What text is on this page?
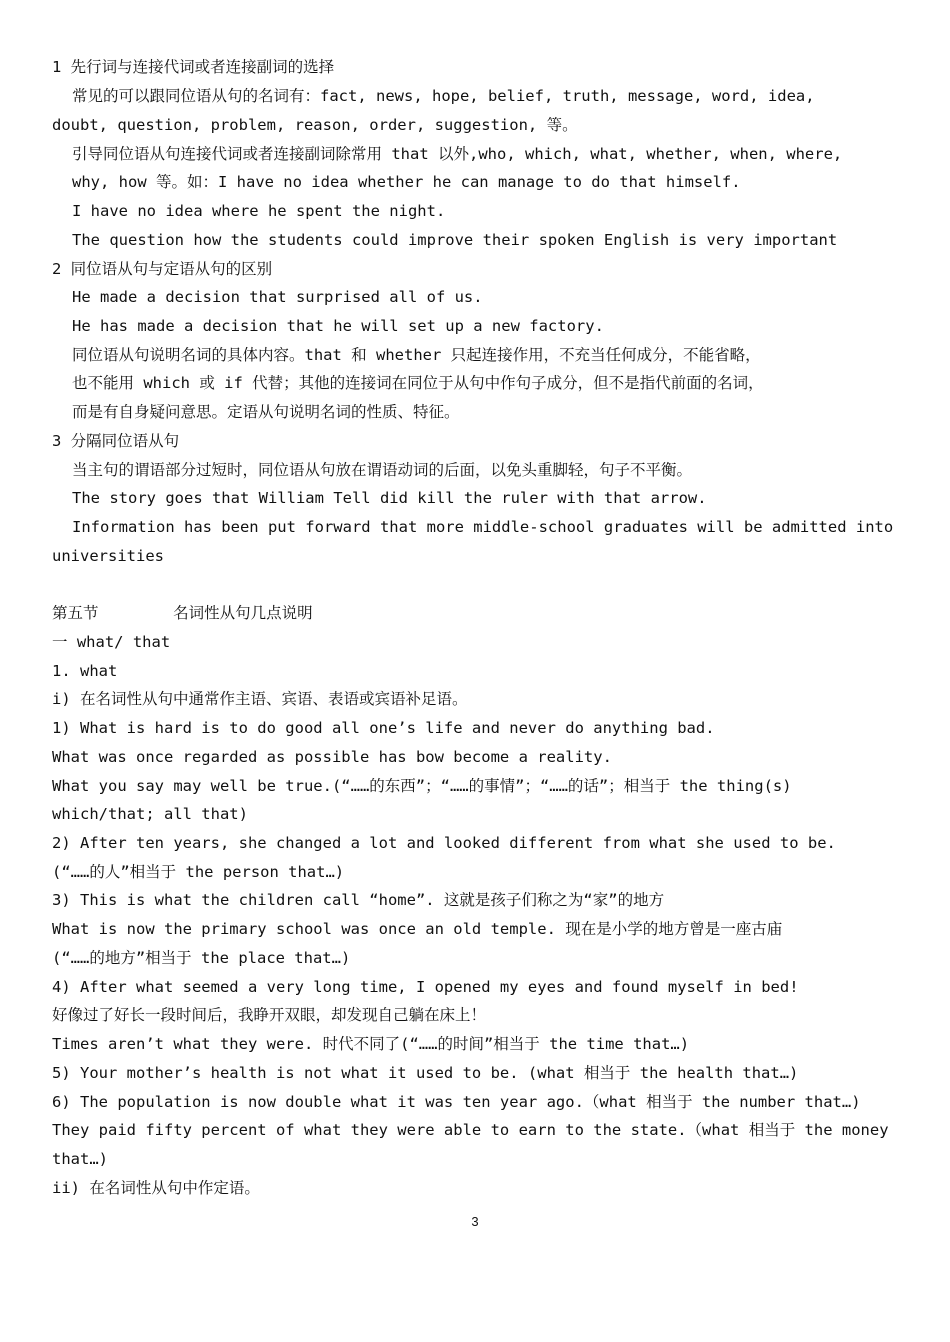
1 先行词与连接代词或者连接副词的选择
常见的可以跟同位语从句的名词有：fact, news, hope, belief, truth, message, word, idea,
doubt, question, problem, reason, order, suggestion, 等。
引导同位语从句连接代词或者连接副词除常用 that 以外,who, which, what, whether, when, where,
why, how 等。如：I have no idea whether he can manage to do that himself.
I have no idea where he spent the night.
The question how the students could improve their spoken English is very important
2 同位语从句与定语从句的区别
He made a decision that surprised all of us.
He has made a decision that he will set up a new factory.
同位语从句说明名词的具体内容。that 和 whether 只起连接作用，不充当任何成分，不能省略，
也不能用 which 或 if 代替；其他的连接词在同位于从句中作句子成分，但不是指代前面的名词，
而是有自身疑问意思。定语从句说明名词的性质、特征。
3 分隔同位语从句
当主句的谓语部分过短时，同位语从句放在谓语动词的后面，以免头重脚轻，句子不平衡。
The story goes that William Tell did kill the ruler with that arrow.
Information has been put forward that more middle-school graduates will be admitted into
universities
第五节        名词性从句几点说明
一 what/ that
1. what
i) 在名词性从句中通常作主语、宾语、表语或宾语补足语。
1) What is hard is to do good all one’s life and never do anything bad.
What was once regarded as possible has bow become a reality.
What you say may well be true.(“……的东西”；“……的事情”；“……的话”；相当于 the thing(s)
which/that; all that)
2) After ten years, she changed a lot and looked different from what she used to be.
(“……的人”相当于 the person that…)
3) This is what the children call “home”. 这就是孩子们称之为“家”的地方
What is now the primary school was once an old temple. 现在是小学的地方曾是一座古庙
(“……的地方”相当于 the place that…)
4) After what seemed a very long time, I opened my eyes and found myself in bed!
好像过了好长一段时间后，我睁开双眼，却发现自己躺在床上！
Times aren’t what they were. 时代不同了(“……的时间”相当于 the time that…)
5) Your mother’s health is not what it used to be. (what 相当于 the health that…)
6) The population is now double what it was ten year ago.（what 相当于 the number that…)
They paid fifty percent of what they were able to earn to the state.（what 相当于 the money
that…)
ii) 在名词性从句中作定语。
3
